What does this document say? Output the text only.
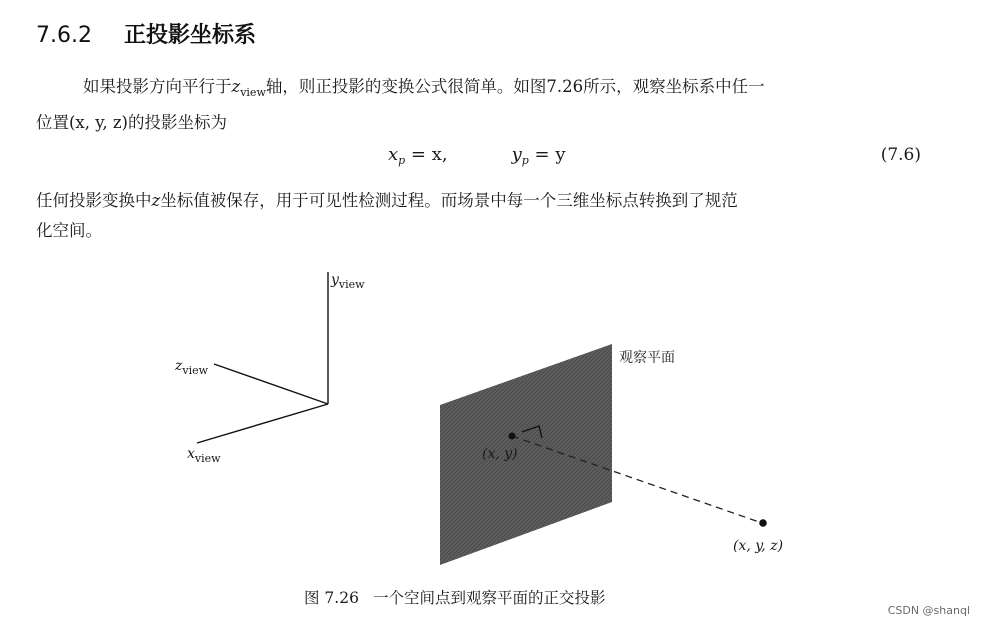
7.6.2 正投影坐标系
如果投影方向平行于$z_{view}$轴，则正投影的变换公式很简单。如图7.26所示，观察坐标系中任一
位置(x, y, z)的投影坐标为
$x_p = x$,	$y_p = y$	(7.6)
任何投影变换中z坐标值被保存，用于可见性检测过程。而场景中每一个三维坐标点转换到了规范
化空间。
$y_{view}$
$z_{view}$
$x_{view}$
观察平面
(x, y)
(x, y, z)
图 7.26 一个空间点到观察平面的正交投影
CSDN @shanql
